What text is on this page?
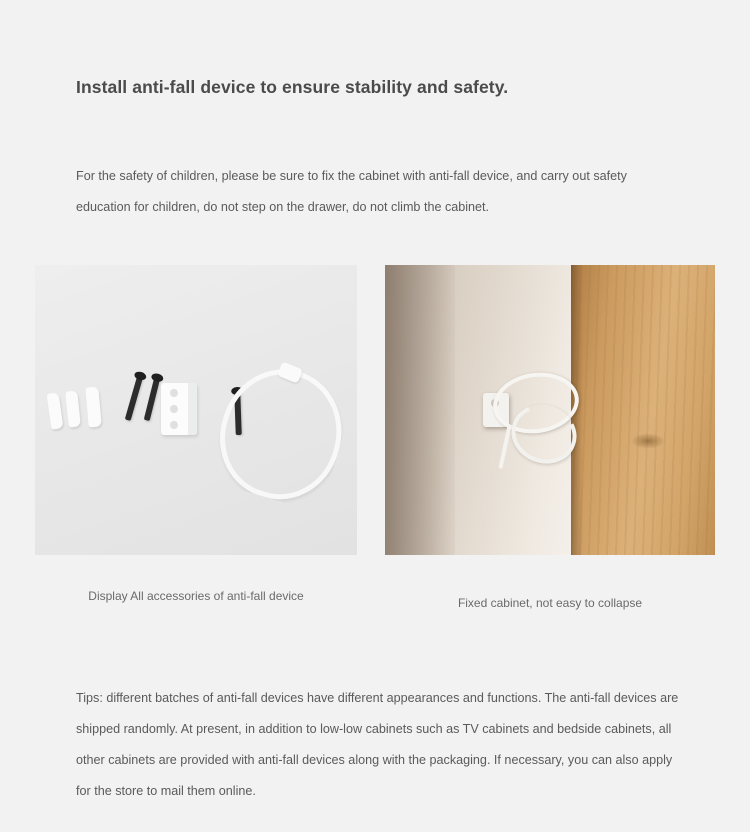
Install anti-fall device to ensure stability and safety.

For the safety of children, please be sure to fix the cabinet with anti-fall device, and carry out safety education for children, do not step on the drawer, do not climb the cabinet.

Display All accessories of anti-fall device	Fixed cabinet, not easy to collapse

Tips: different batches of anti-fall devices have different appearances and functions. The anti-fall devices are shipped randomly. At present, in addition to low-low cabinets such as TV cabinets and bedside cabinets, all other cabinets are provided with anti-fall devices along with the packaging. If necessary, you can also apply for the store to mail them online.
